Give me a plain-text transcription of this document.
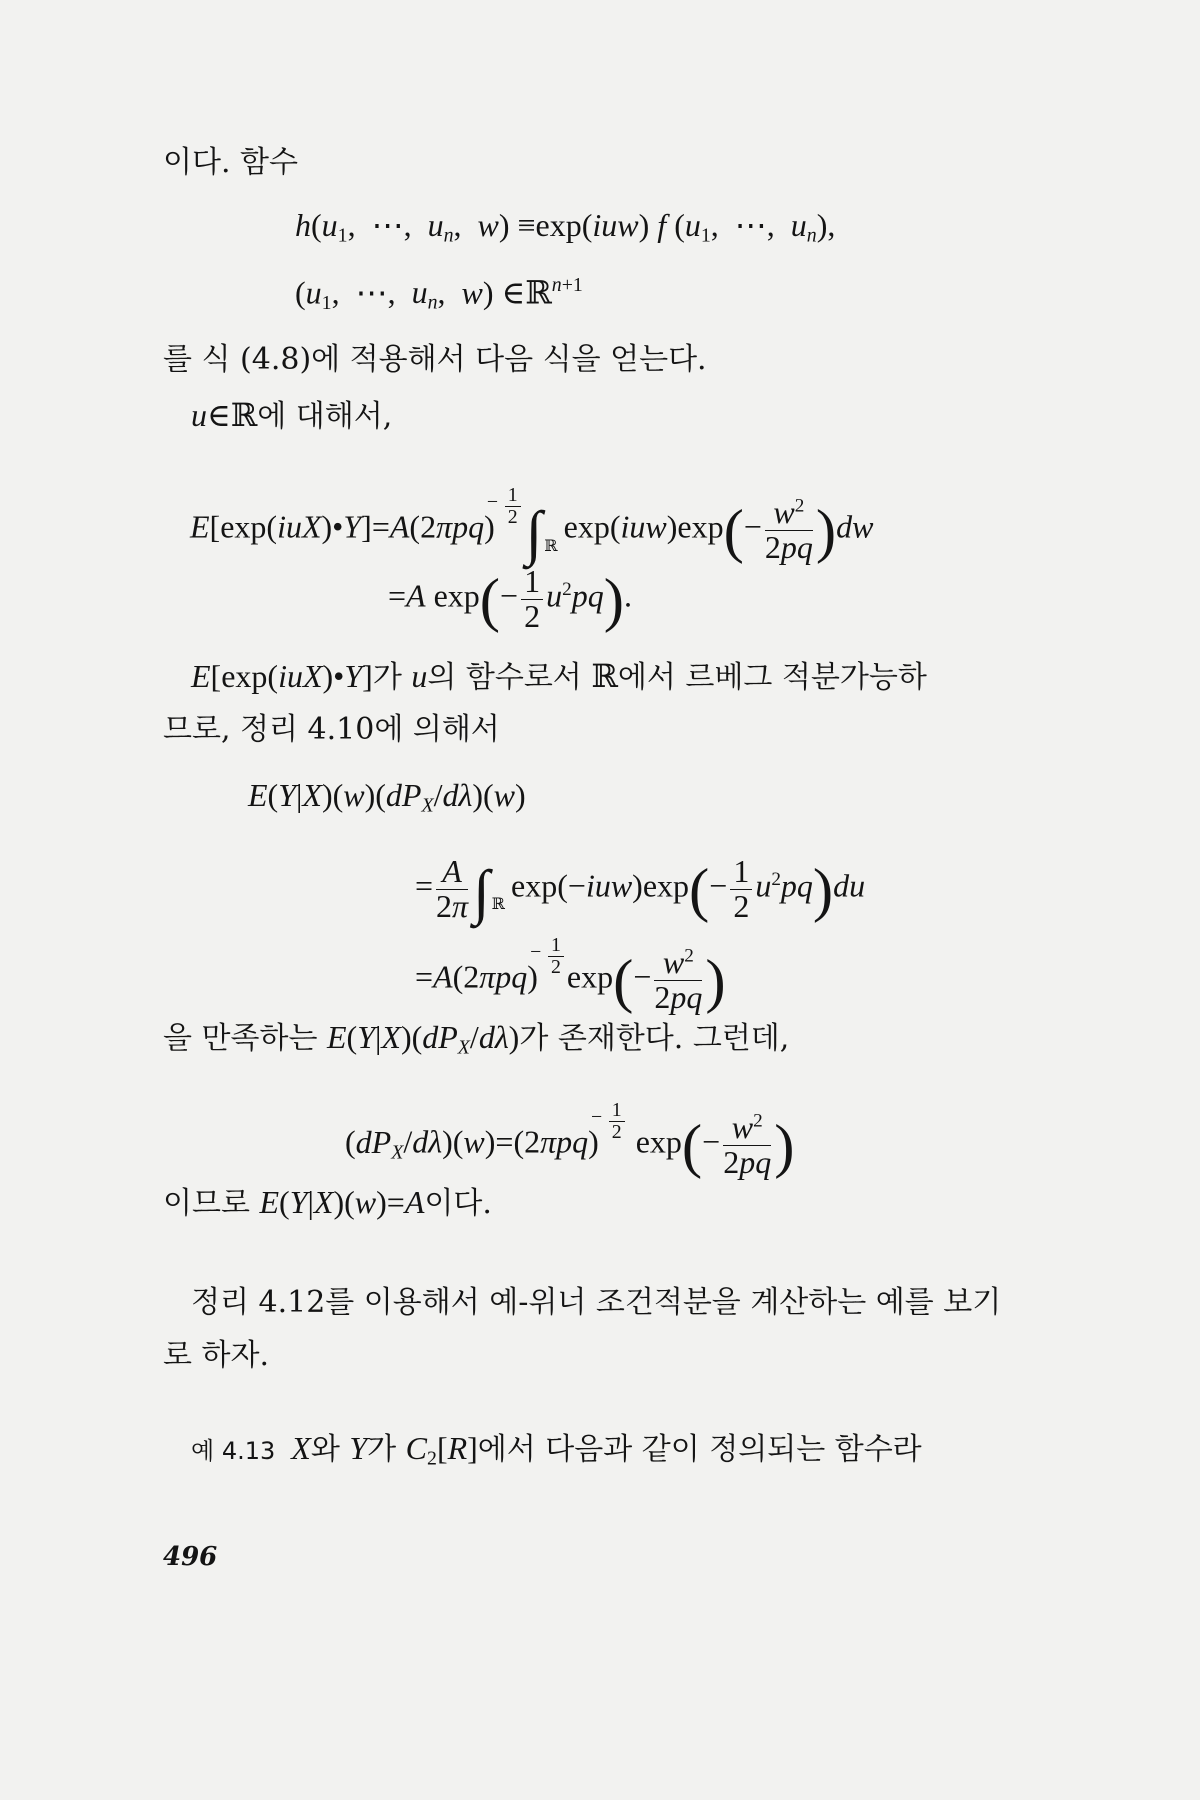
이다. 함수
$h(u_1$,  ⋯,  $u_n$,  w) ≡exp(iuw) f ($u_1$,  ⋯,  $u_n$),
($u_1$,  ⋯,  $u_n$,  w) ∈ℝ$^{n+1}$
를 식 (4.8)에 적용해서 다음 식을 얻는다.
u∈ℝ에 대해서,
E[exp(iuX)•Y]=A(2πpq)
− 1
2 ∫ $_ℝ\exp(iuw)\exp(- \frac{w^2}{2pq} )dw$
=A $\exp(- \frac{1}{2} u^2pq)$.
E[exp(iuX)•Y]가 u의 함수로서 ℝ에서 르베그 적분가능하
므로, 정리 4.10에 의해서
$E(Y|X)(w)(dP_X/d\lambda)(w)$
= $\frac{A}{2\pi}$ ∫ $_ℝ\exp(-iuw)\exp(- \frac{1}{2} u^2pq)du$
=A(2πpq)
− 1
2 $\exp(- \frac{w^2}{2pq}$ )
을 만족하는 $E(Y|X)(dP_X/d\lambda)$가 존재한다. 그런데,
$(dP_X/d\lambda)(w)=(2\pi pq)$
− 1
2 $\exp(- \frac{w^2}{2pq}$ )
이므로 E(Y|X)(w)=A이다.
정리 4.12를 이용해서 예-위너 조건적분을 계산하는 예를 보기
로 하자.
예 4.13 X와 Y가 $C_2[R]$에서 다음과 같이 정의되는 함수라
496
